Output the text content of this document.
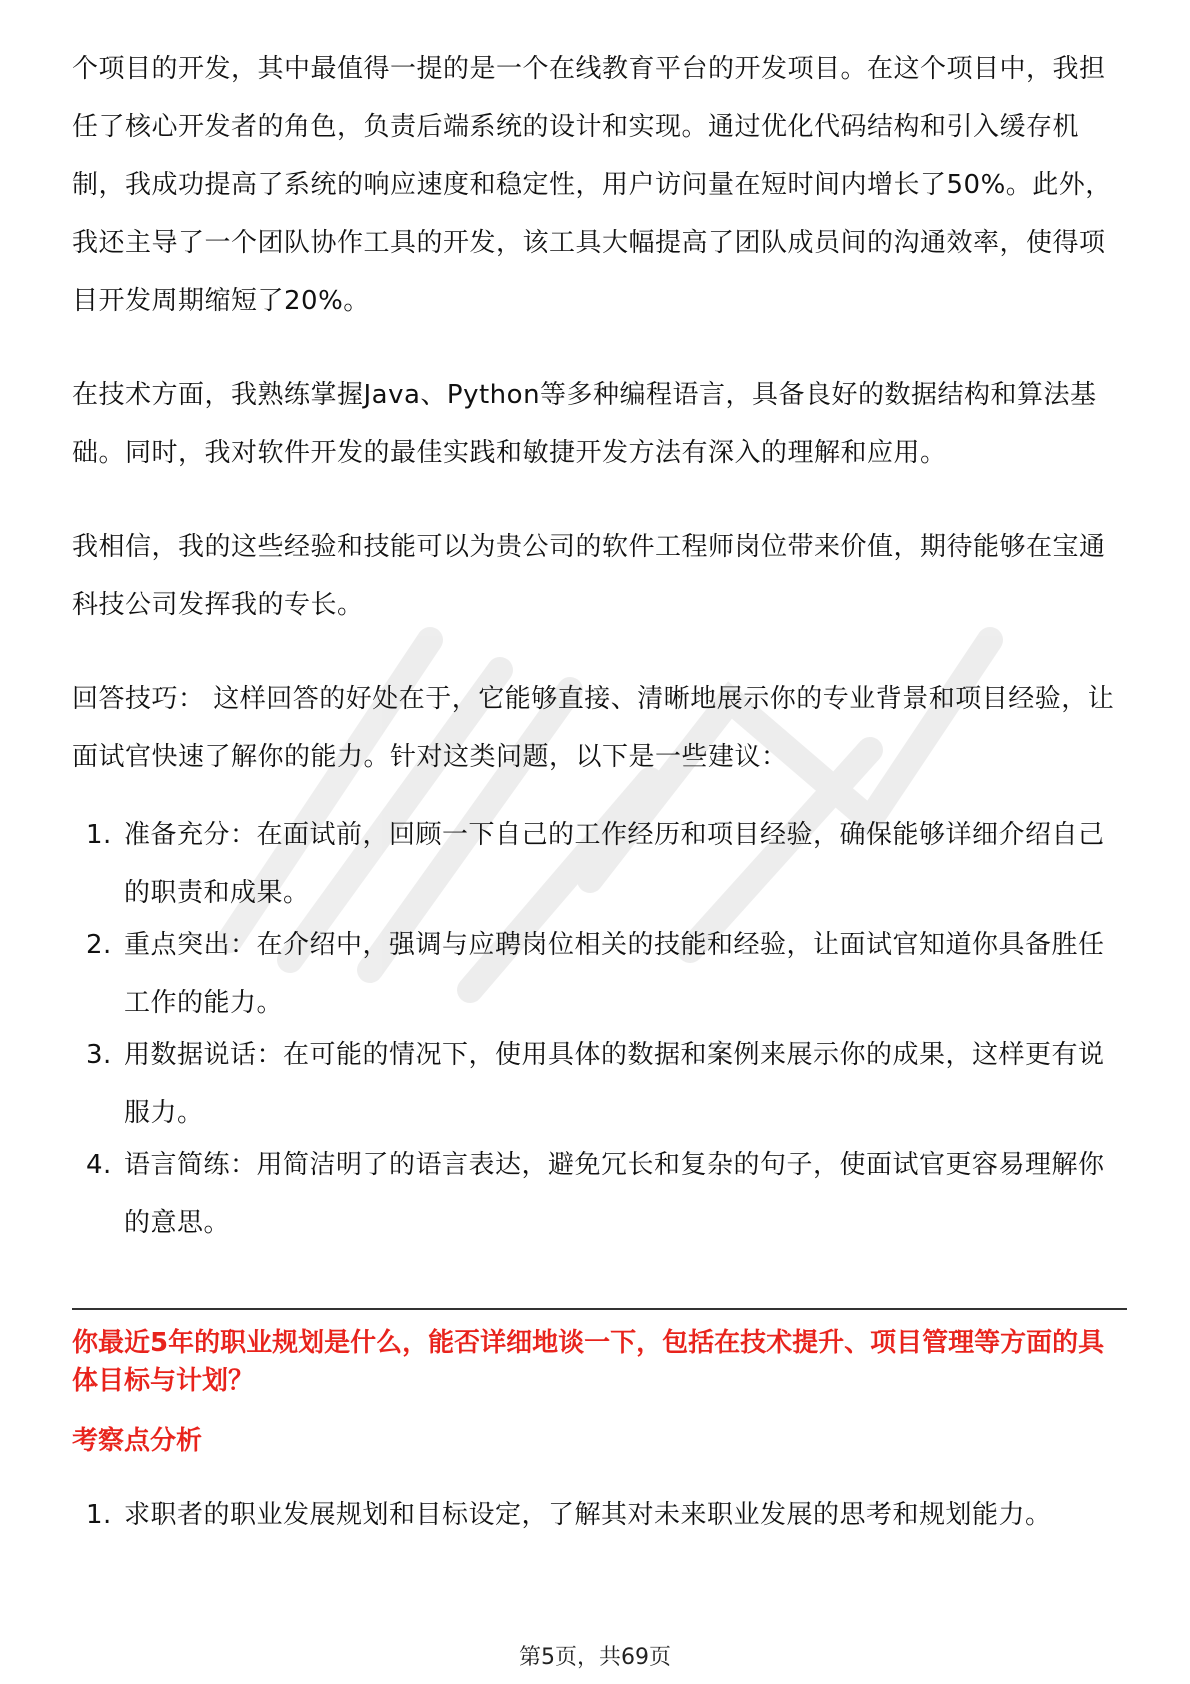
个项目的开发，其中最值得一提的是一个在线教育平台的开发项目。在这个项目中，我担任了核心开发者的角色，负责后端系统的设计和实现。通过优化代码结构和引入缓存机制，我成功提高了系统的响应速度和稳定性，用户访问量在短时间内增长了50%。此外，我还主导了一个团队协作工具的开发，该工具大幅提高了团队成员间的沟通效率，使得项目开发周期缩短了20%。

在技术方面，我熟练掌握Java、Python等多种编程语言，具备良好的数据结构和算法基础。同时，我对软件开发的最佳实践和敏捷开发方法有深入的理解和应用。

我相信，我的这些经验和技能可以为贵公司的软件工程师岗位带来价值，期待能够在宝通科技公司发挥我的专长。

回答技巧： 这样回答的好处在于，它能够直接、清晰地展示你的专业背景和项目经验，让面试官快速了解你的能力。针对这类问题，以下是一些建议：

1. 准备充分：在面试前，回顾一下自己的工作经历和项目经验，确保能够详细介绍自己的职责和成果。
2. 重点突出：在介绍中，强调与应聘岗位相关的技能和经验，让面试官知道你具备胜任工作的能力。
3. 用数据说话：在可能的情况下，使用具体的数据和案例来展示你的成果，这样更有说服力。
4. 语言简练：用简洁明了的语言表达，避免冗长和复杂的句子，使面试官更容易理解你的意思。

你最近5年的职业规划是什么，能否详细地谈一下，包括在技术提升、项目管理等方面的具体目标与计划？

考察点分析

1. 求职者的职业发展规划和目标设定，了解其对未来职业发展的思考和规划能力。
第5页，共69页
